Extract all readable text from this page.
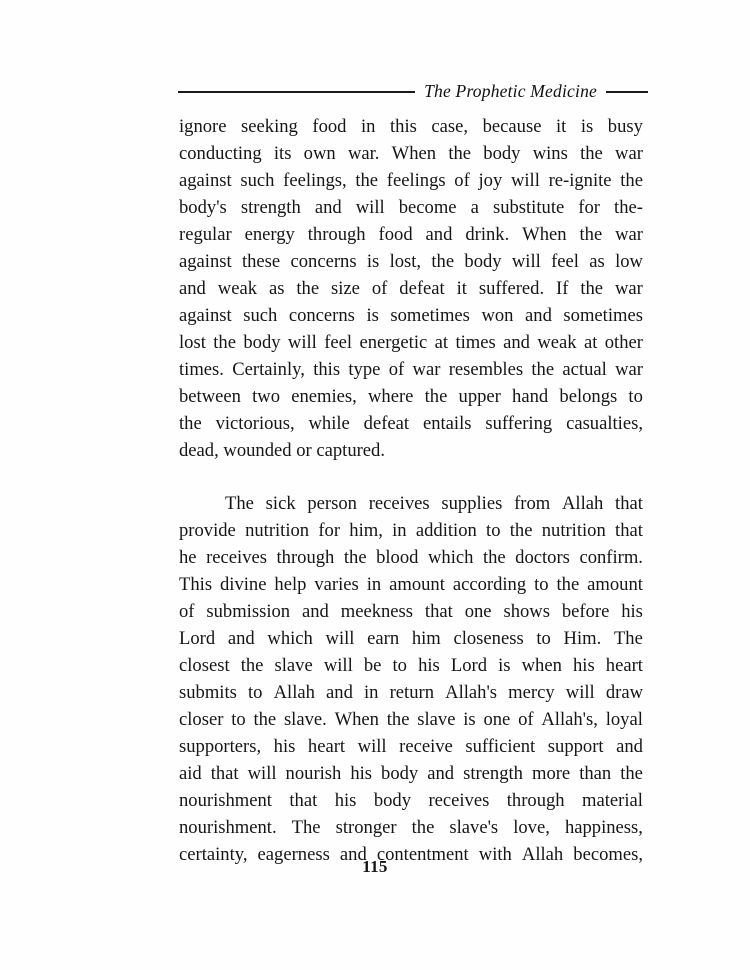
The Prophetic Medicine

ignore seeking food in this case, because it is busy
conducting its own war. When the body wins the war
against such feelings, the feelings of joy will re-ignite the
body's strength and will become a substitute for the-
regular energy through food and drink. When the war
against these concerns is lost, the body will feel as low
and weak as the size of defeat it suffered. If the war
against such concerns is sometimes won and sometimes
lost the body will feel energetic at times and weak at other
times. Certainly, this type of war resembles the actual war
between two enemies, where the upper hand belongs to
the victorious, while defeat entails suffering casualties,
dead, wounded or captured.

The sick person receives supplies from Allah that
provide nutrition for him, in addition to the nutrition that
he receives through the blood which the doctors confirm.
This divine help varies in amount according to the amount
of submission and meekness that one shows before his
Lord and which will earn him closeness to Him. The
closest the slave will be to his Lord is when his heart
submits to Allah and in return Allah's mercy will draw
closer to the slave. When the slave is one of Allah's, loyal
supporters, his heart will receive sufficient support and
aid that will nourish his body and strength more than the
nourishment that his body receives through material
nourishment. The stronger the slave's love, happiness,
certainty, eagerness and contentment with Allah becomes,

115
